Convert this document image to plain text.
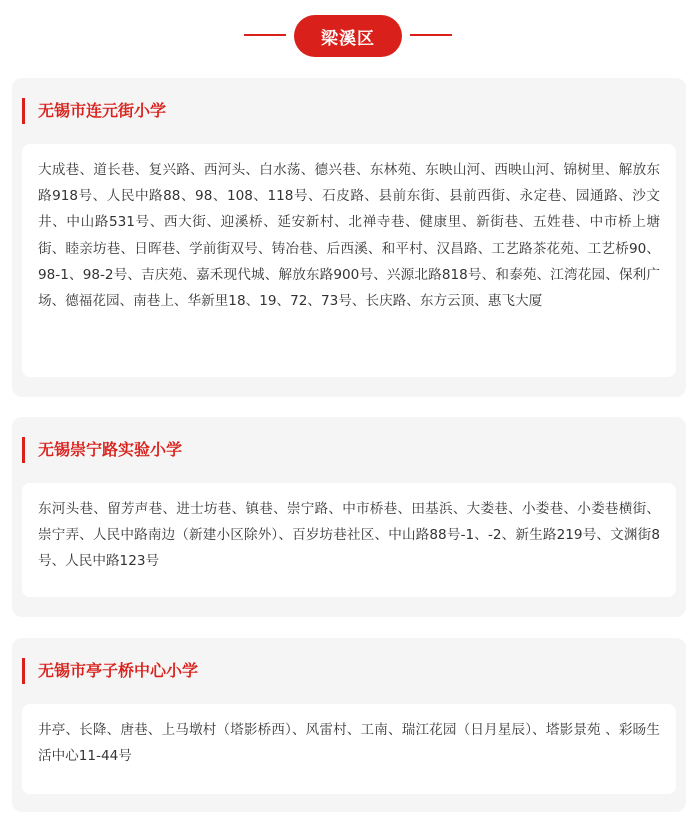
梁溪区
无锡市连元街小学
大成巷、道长巷、复兴路、西河头、白水荡、德兴巷、东林苑、东映山河、西映山河、锦树里、解放东路918号、人民中路88、98、108、118号、石皮路、县前东街、县前西街、永定巷、园通路、沙文井、中山路531号、西大街、迎溪桥、延安新村、北禅寺巷、健康里、新街巷、五姓巷、中市桥上塘街、睦亲坊巷、日晖巷、学前街双号、铸冶巷、后西溪、和平村、汉昌路、工艺路茶花苑、工艺桥90、98-1、98-2号、吉庆苑、嘉禾现代城、解放东路900号、兴源北路818号、和泰苑、江湾花园、保利广场、德福花园、南巷上、华新里18、19、72、73号、长庆路、东方云顶、惠飞大厦
无锡崇宁路实验小学
东河头巷、留芳声巷、进士坊巷、镇巷、崇宁路、中市桥巷、田基浜、大娄巷、小娄巷、小娄巷横街、崇宁弄、人民中路南边（新建小区除外）、百岁坊巷社区、中山路88号-1、-2、新生路219号、文渊街8号、人民中路123号
无锡市亭子桥中心小学
井亭、长降、唐巷、上马墩村（塔影桥西）、风雷村、工南、瑞江花园（日月星辰）、塔影景苑 、彩旸生活中心11-44号
